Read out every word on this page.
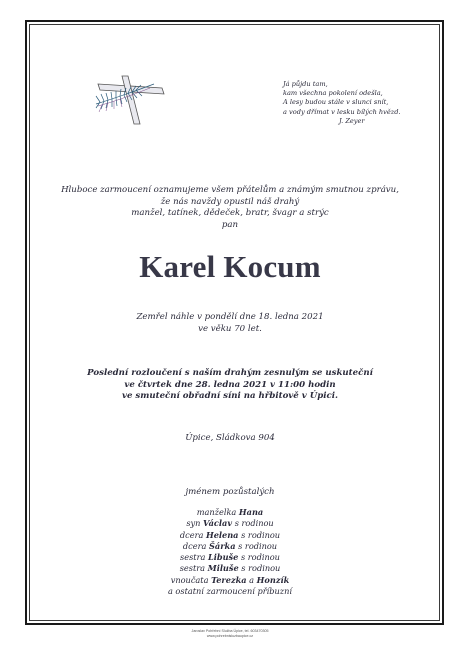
Já půjdu tam,
kam všechna pokolení odešla,
A lesy budou stále v slunci snít,
a vody dřímat v lesku bílých hvězd.
J. Zeyer
Hluboce zarmoucení oznamujeme všem přátelům a známým smutnou zprávu,
že nás navždy opustil náš drahý
manžel, tatínek, dědeček, bratr, švagr a strýc
pan
Karel Kocum
Zemřel náhle v pondělí dne 18. ledna 2021
ve věku 70 let.
Poslední rozloučení s naším drahým zesnulým se uskuteční
ve čtvrtek dne 28. ledna 2021 v 11:00 hodin
ve smuteční obřadní síni na hřbitově v Úpici.
Úpice, Sládkova 904
jménem pozůstalých
manželka Hana
syn Václav s rodinou
dcera Helena s rodinou
dcera Šárka s rodinou
sestra Libuše s rodinou
sestra Miluše s rodinou
vnoučata Terezka a Honzík
a ostatní zarmoucení příbuzní
Jaroslav Pohřební Služba Úpice, tel. 603470305
www.pohrebnisluzbaupice.cz
